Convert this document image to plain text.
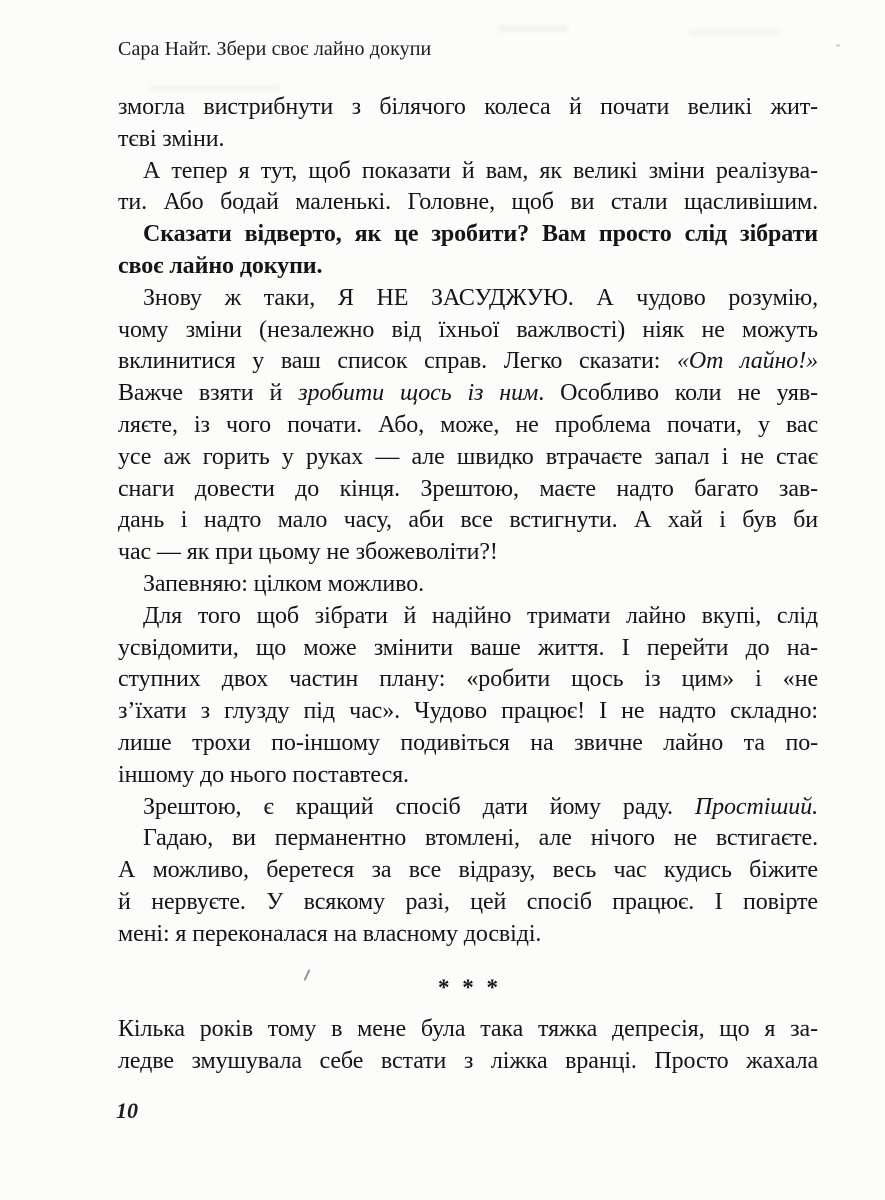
Сара Найт. Збери своє лайно докупи
змогла вистрибнути з білячого колеса й почати великі жит-
тєві зміни.
А тепер я тут, щоб показати й вам, як великі зміни реалізува-
ти. Або бодай маленькі. Головне, щоб ви стали щасливішим.
Сказати відверто, як це зробити? Вам просто слід зібрати
своє лайно докупи.
Знову ж таки, Я НЕ ЗАСУДЖУЮ. А чудово розумію,
чому зміни (незалежно від їхньої важлвості) ніяк не можуть
вклинитися у ваш список справ. Легко сказати: «От лайно!»
Важче взяти й зробити щось із ним. Особливо коли не уяв-
ляєте, із чого почати. Або, може, не проблема почати, у вас
усе аж горить у руках — але швидко втрачаєте запал і не стає
снаги довести до кінця. Зрештою, маєте надто багато зав-
дань і надто мало часу, аби все встигнути. А хай і був би
час — як при цьому не збожеволіти?!
Запевняю: цілком можливо.
Для того щоб зібрати й надійно тримати лайно вкупі, слід
усвідомити, що може змінити ваше життя. І перейти до на-
ступних двох частин плану: «робити щось із цим» і «не
з’їхати з глузду під час». Чудово працює! І не надто складно:
лише трохи по-іншому подивіться на звичне лайно та по-
іншому до нього поставтеся.
Зрештою, є кращий спосіб дати йому раду. Простіший.
Гадаю, ви перманентно втомлені, але нічого не встигаєте.
А можливо, беретеся за все відразу, весь час кудись біжите
й нервуєте. У всякому разі, цей спосіб працює. І повірте
мені: я переконалася на власному досвіді.
* * *
Кілька років тому в мене була така тяжка депресія, що я за-
ледве змушувала себе встати з ліжка вранці. Просто жахала
10
